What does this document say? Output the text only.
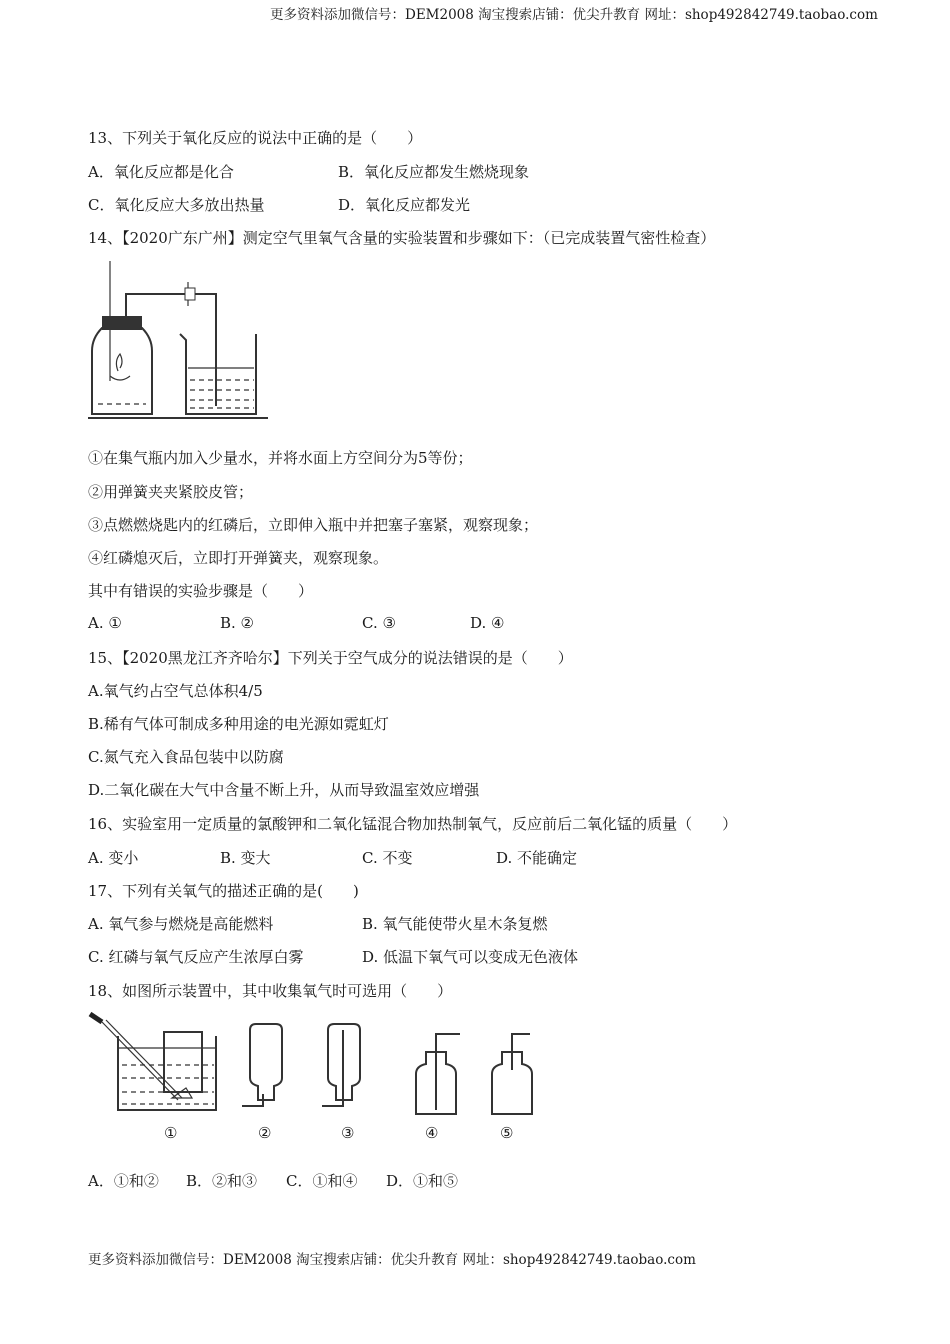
更多资料添加微信号：DEM2008 淘宝搜索店铺：优尖升教育 网址：shop492842749.taobao.com
13、下列关于氧化反应的说法中正确的是（　　）
A．氧化反应都是化合	B．氧化反应都发生燃烧现象
C．氧化反应大多放出热量	D．氧化反应都发光
14、【2020广东广州】测定空气里氧气含量的实验装置和步骤如下：（已完成装置气密性检查）
①在集气瓶内加入少量水，并将水面上方空间分为5等份；
②用弹簧夹夹紧胶皮管；
③点燃燃烧匙内的红磷后，立即伸入瓶中并把塞子塞紧，观察现象；
④红磷熄灭后，立即打开弹簧夹，观察现象。
其中有错误的实验步骤是（　　）
A. ①	B. ②	C. ③	D. ④
15、【2020黑龙江齐齐哈尔】下列关于空气成分的说法错误的是（　　）
A.氧气约占空气总体积4/5
B.稀有气体可制成多种用途的电光源如霓虹灯
C.氮气充入食品包装中以防腐
D.二氧化碳在大气中含量不断上升，从而导致温室效应增强
16、实验室用一定质量的氯酸钾和二氧化锰混合物加热制氧气，反应前后二氧化锰的质量（　　）
A. 变小	B. 变大	C. 不变	D. 不能确定
17、下列有关氧气的描述正确的是(　　)
A. 氧气参与燃烧是高能燃料	B. 氧气能使带火星木条复燃
C. 红磷与氧气反应产生浓厚白雾	D. 低温下氧气可以变成无色液体
18、如图所示装置中，其中收集氧气时可选用（　　）
①	②	③	④	⑤
A．①和② B．②和③ C．①和④ D．①和⑤
更多资料添加微信号：DEM2008 淘宝搜索店铺：优尖升教育 网址：shop492842749.taobao.com
